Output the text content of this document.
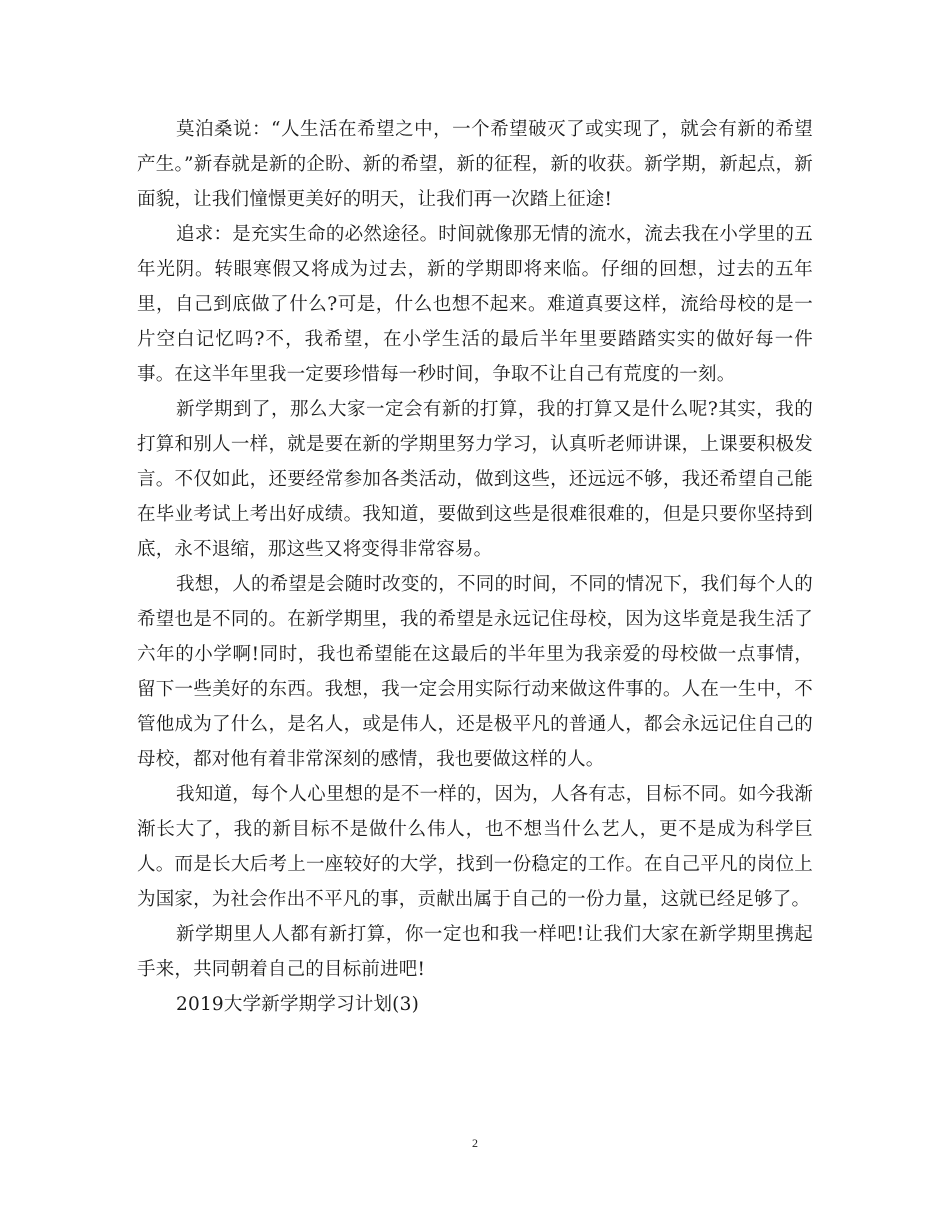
莫泊桑说：“人生活在希望之中，一个希望破灭了或实现了，就会有新的希望产生。”新春就是新的企盼、新的希望，新的征程，新的收获。新学期，新起点，新面貌，让我们憧憬更美好的明天，让我们再一次踏上征途!

追求：是充实生命的必然途径。时间就像那无情的流水，流去我在小学里的五年光阴。转眼寒假又将成为过去，新的学期即将来临。仔细的回想，过去的五年里，自己到底做了什么?可是，什么也想不起来。难道真要这样，流给母校的是一片空白记忆吗?不，我希望，在小学生活的最后半年里要踏踏实实的做好每一件事。在这半年里我一定要珍惜每一秒时间，争取不让自己有荒度的一刻。

新学期到了，那么大家一定会有新的打算，我的打算又是什么呢?其实，我的打算和别人一样，就是要在新的学期里努力学习，认真听老师讲课，上课要积极发言。不仅如此，还要经常参加各类活动，做到这些，还远远不够，我还希望自己能在毕业考试上考出好成绩。我知道，要做到这些是很难很难的，但是只要你坚持到底，永不退缩，那这些又将变得非常容易。

我想，人的希望是会随时改变的，不同的时间，不同的情况下，我们每个人的希望也是不同的。在新学期里，我的希望是永远记住母校，因为这毕竟是我生活了六年的小学啊!同时，我也希望能在这最后的半年里为我亲爱的母校做一点事情，留下一些美好的东西。我想，我一定会用实际行动来做这件事的。人在一生中，不管他成为了什么，是名人，或是伟人，还是极平凡的普通人，都会永远记住自己的母校，都对他有着非常深刻的感情，我也要做这样的人。

我知道，每个人心里想的是不一样的，因为，人各有志，目标不同。如今我渐渐长大了，我的新目标不是做什么伟人，也不想当什么艺人，更不是成为科学巨人。而是长大后考上一座较好的大学，找到一份稳定的工作。在自己平凡的岗位上为国家，为社会作出不平凡的事，贡献出属于自己的一份力量，这就已经足够了。

新学期里人人都有新打算，你一定也和我一样吧!让我们大家在新学期里携起手来，共同朝着自己的目标前进吧!

2019大学新学期学习计划(3)

2
